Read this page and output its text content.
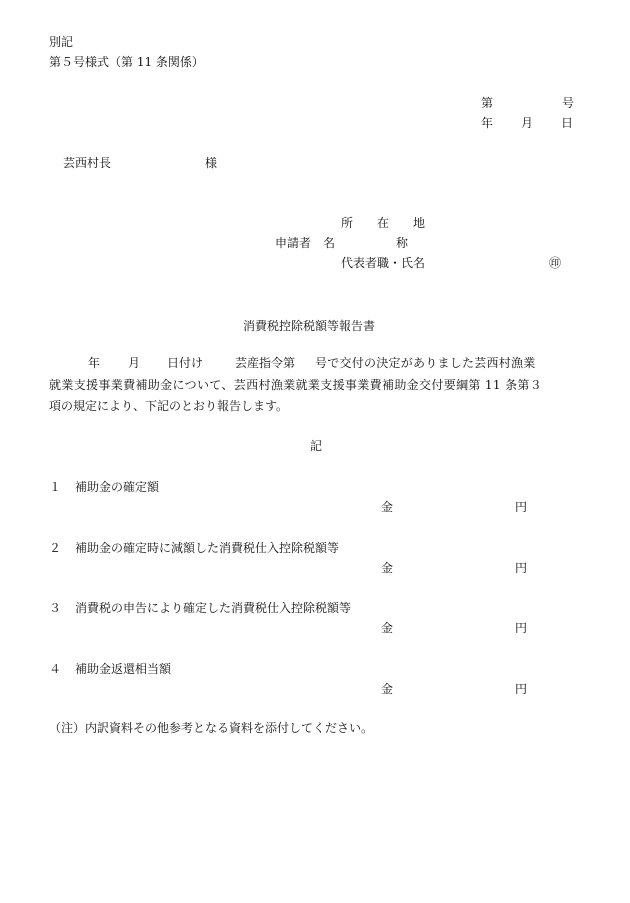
別記
第５号様式（第 11 条関係）
第	号
年 月 日
芸西村長	様
所　　在　　地
申請者 名	称
代表者職・氏名	㊞
消費税控除税額等報告書
年 月 日付け	芸産指令第 号で交付の決定がありました芸西村漁業
就業支援事業費補助金について、芸西村漁業就業支援事業費補助金交付要綱第 11 条第３
項の規定により、下記のとおり報告します。
記
１ 補助金の確定額
金	円
２ 補助金の確定時に減額した消費税仕入控除税額等
金	円
３ 消費税の申告により確定した消費税仕入控除税額等
金	円
４ 補助金返還相当額
金	円
（注）内訳資料その他参考となる資料を添付してください。
